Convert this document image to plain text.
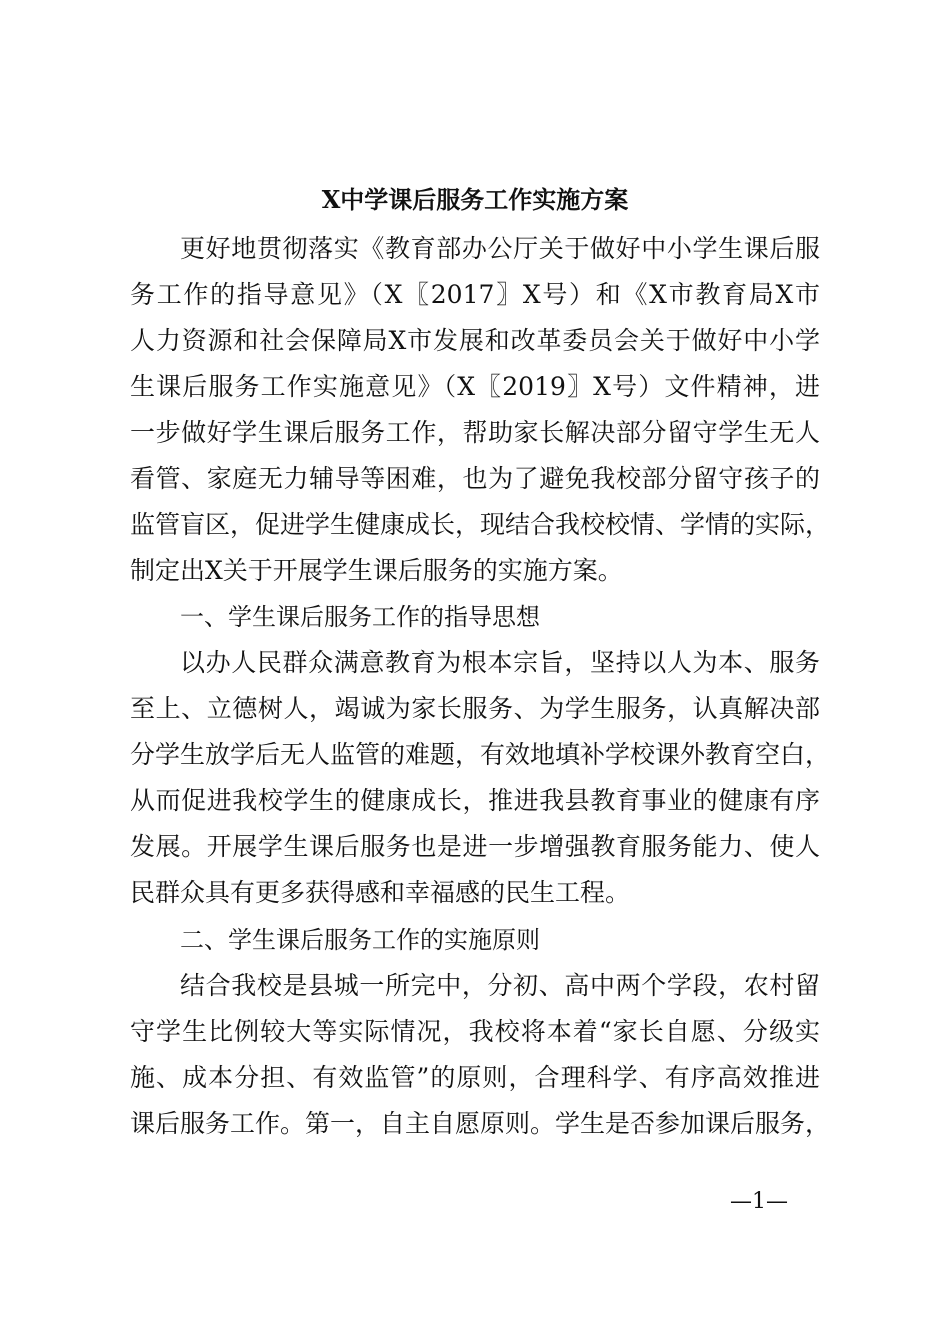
X中学课后服务工作实施方案
更好地贯彻落实《教育部办公厅关于做好中小学生课后服
务工作的指导意见》（X〖2017〗X号）和《X市教育局X市
人力资源和社会保障局X市发展和改革委员会关于做好中小学
生课后服务工作实施意见》（X〖2019〗X号）文件精神，进
一步做好学生课后服务工作，帮助家长解决部分留守学生无人
看管、家庭无力辅导等困难，也为了避免我校部分留守孩子的
监管盲区，促进学生健康成长，现结合我校校情、学情的实际，
制定出X关于开展学生课后服务的实施方案。
一、学生课后服务工作的指导思想
以办人民群众满意教育为根本宗旨，坚持以人为本、服务
至上、立德树人，竭诚为家长服务、为学生服务，认真解决部
分学生放学后无人监管的难题，有效地填补学校课外教育空白，
从而促进我校学生的健康成长，推进我县教育事业的健康有序
发展。开展学生课后服务也是进一步增强教育服务能力、使人
民群众具有更多获得感和幸福感的民生工程。
二、学生课后服务工作的实施原则
结合我校是县城一所完中，分初、高中两个学段，农村留
守学生比例较大等实际情况，我校将本着“家长自愿、分级实
施、成本分担、有效监管”的原则，合理科学、有序高效推进
课后服务工作。第一，自主自愿原则。学生是否参加课后服务，
—1—
